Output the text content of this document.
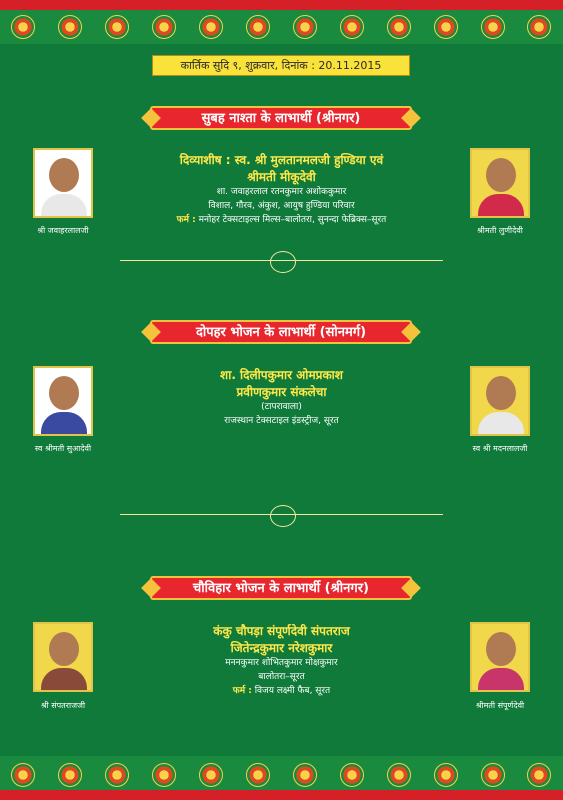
कार्तिक सुदि ९, शुक्रवार, दिनांक : 20.11.2015
सुबह नाश्ता के लाभार्थी (श्रीनगर)
श्री जवाहरलालजी	श्रीमती लुणीदेवी
दिव्याशीष : स्व. श्री मुलतानमलजी हुण्डिया एवं
श्रीमती मीकूदेवी
शा. जवाहरलाल रतनकुमार अशोककुमार
विशाल, गौरव, अंकुश, आयुष हुण्डिया परिवार
फर्म : मनोहर टेक्सटाइल्स मिल्स–बालोतरा, सुनन्दा फेब्रिक्स–सूरत
दोपहर भोजन के लाभार्थी (सोनमर्ग)
स्व श्रीमती सुआदेवी	स्व श्री मदनलालजी
शा. दिलीपकुमार ओमप्रकाश
प्रवीणकुमार संकलेचा
(टापरावाला)
राजस्थान टेक्सटाइल इंडस्ट्रीज, सूरत
चौविहार भोजन के लाभार्थी (श्रीनगर)
श्री संपतराजजी	श्रीमती संपूर्णदेवी
कंकु चौपड़ा संपूर्णदेवी संपतराज
जितेन्द्रकुमार नरेशकुमार
मननकुमार शोभितकुमार मोक्षकुमार
बालोतरा–सूरत
फर्म : विजय लक्ष्मी फैब, सूरत
